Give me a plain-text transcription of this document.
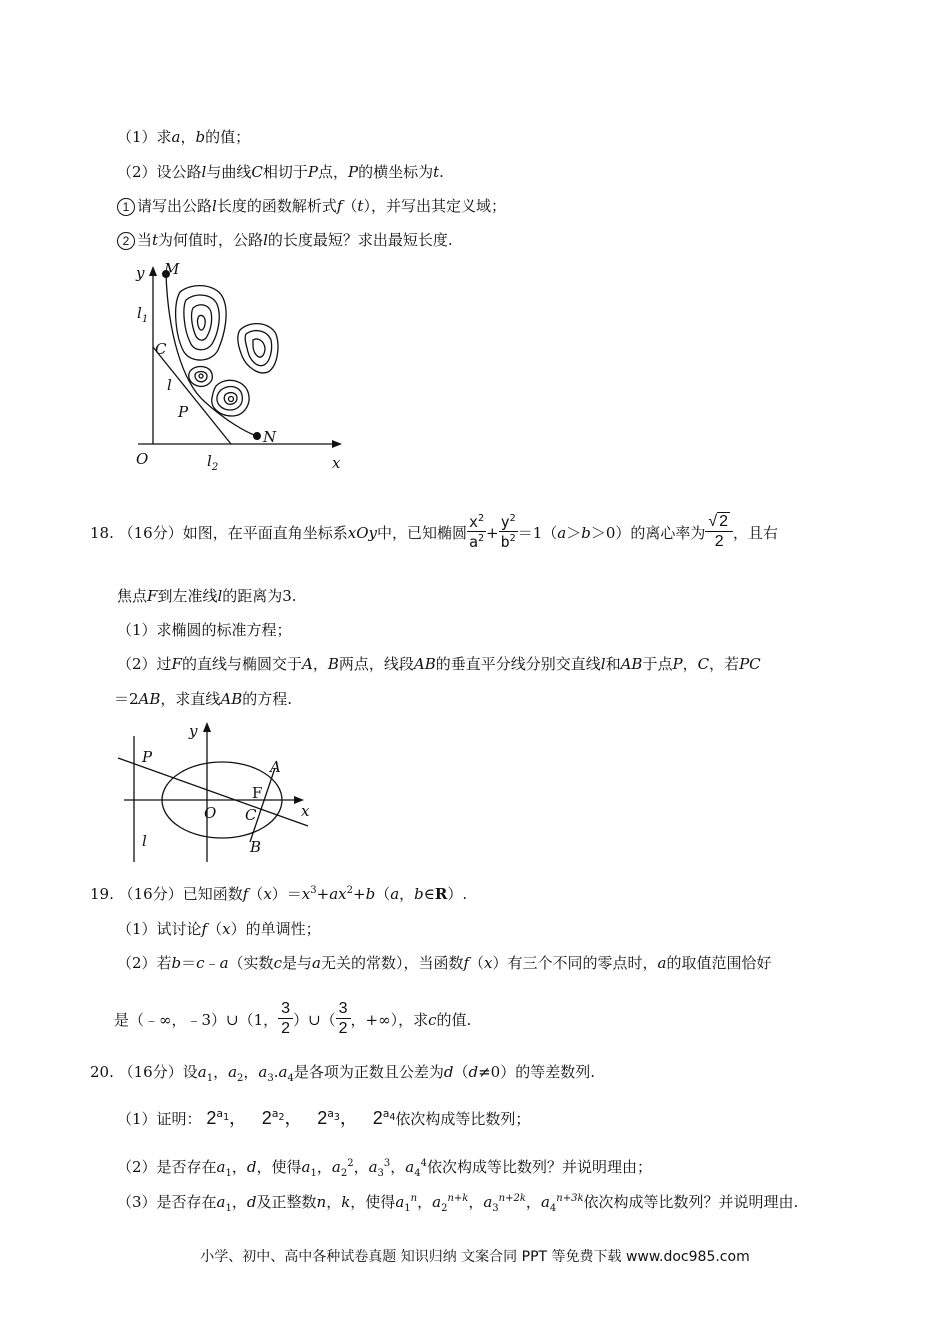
（1）求a，b的值；
（2）设公路l与曲线C相切于P点，P的横坐标为t.
1 请写出公路l长度的函数解析式f（t），并写出其定义域；
2 当t为何值时，公路l的长度最短？求出最短长度.
y M
$l_1$
C
l
P
N
O	$l_2$	x
18. （16分）如图，在平面直角坐标系xOy中，已知椭圆 $\frac{x^2}{a^2} + \frac{y^2}{b^2} =1(a>b>0)$的离心率为 $\frac{√ 2}{2}$ ，且右
焦点F到左准线l的距离为3.
（1）求椭圆的标准方程；
（2）过F的直线与椭圆交于A，B两点，线段AB的垂直平分线分别交直线l和AB于点P，C，若PC
＝2AB，求直线AB的方程.
y
P
A
F
O C	x
l	B
19. （16分）已知函数$f(x)=x^3+ax^2+b(a$，b∈R）.
（1）试讨论f（x）的单调性；
（2）若b＝c﹣a（实数c是与a无关的常数），当函数f（x）有三个不同的零点时，a的取值范围恰好
是（﹣∞，﹣3）∪（1， $\frac{3}{2}$ ）∪（ $\frac{3}{2}$ ，+∞），求c的值.
20. （16分）设$a_1$，$a_2$，$a_3.a_4$是各项为正数且公差为d（d≠0）的等差数列.
（1）证明： $2^{a_1}$， $2^{a_2}$， $2^{a_3}$， $2^{a_4}$依次构成等比数列；
（2）是否存在$a_1$，d，使得$a_1$，$a_2^2$，$a_3^3$，$a_4^4$依次构成等比数列？并说明理由；
（3）是否存在$a_1$，d及正整数n，k，使得$a_1^n$，$a_2^{n+k}$，$a_3^{n+2k}$，$a_4^{n+3k}$依次构成等比数列？并说明理由.
小学、初中、高中各种试卷真题 知识归纳 文案合同 PPT 等免费下载 www.doc985.com
